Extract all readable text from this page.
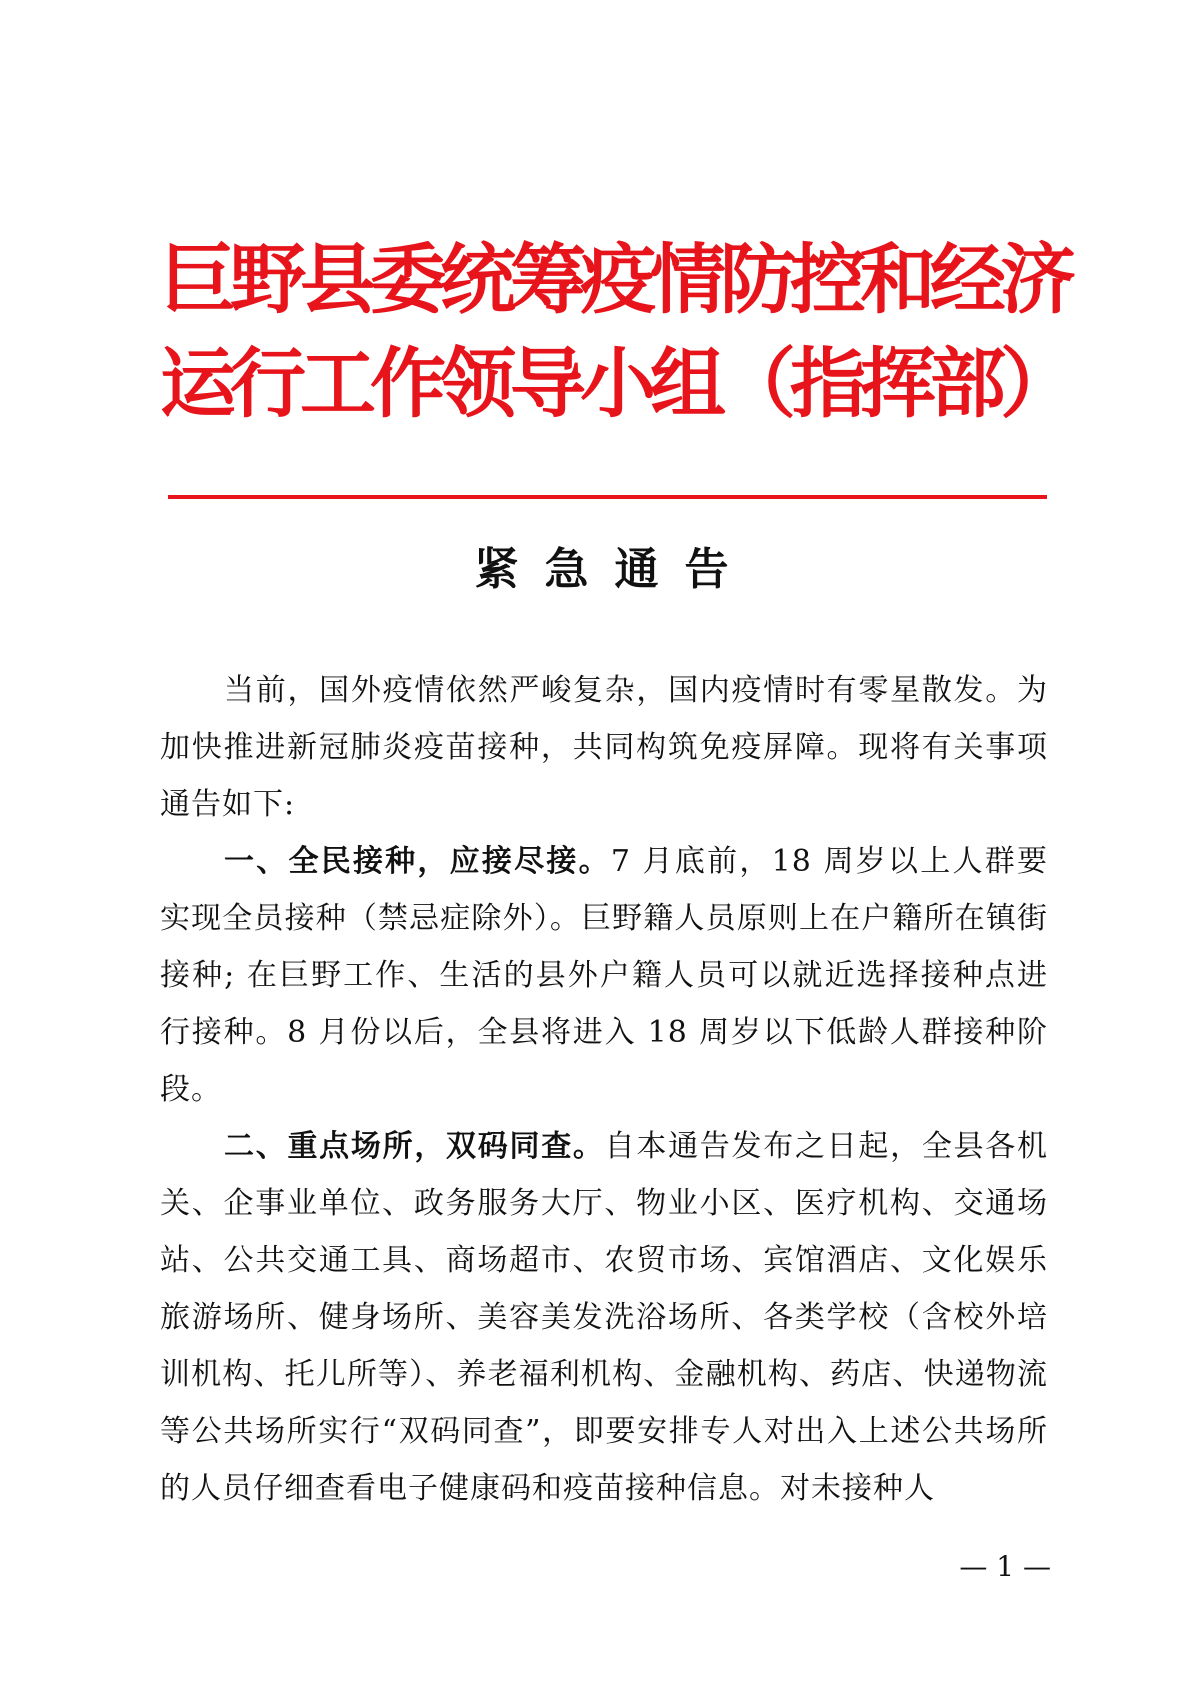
巨野县委统筹疫情防控和经济
运行工作领导小组（指挥部）
紧急通告

当前，国外疫情依然严峻复杂，国内疫情时有零星散发。为加快推进新冠肺炎疫苗接种，共同构筑免疫屏障。现将有关事项通告如下:

一、全民接种，应接尽接。7 月底前，18 周岁以上人群要实现全员接种（禁忌症除外）。巨野籍人员原则上在户籍所在镇街接种; 在巨野工作、生活的县外户籍人员可以就近选择接种点进行接种。8 月份以后，全县将进入 18 周岁以下低龄人群接种阶段。

二、重点场所，双码同查。自本通告发布之日起，全县各机关、企事业单位、政务服务大厅、物业小区、医疗机构、交通场站、公共交通工具、商场超市、农贸市场、宾馆酒店、文化娱乐旅游场所、健身场所、美容美发洗浴场所、各类学校（含校外培训机构、托儿所等）、养老福利机构、金融机构、药店、快递物流等公共场所实行“双码同查”，即要安排专人对出入上述公共场所的人员仔细查看电子健康码和疫苗接种信息。对未接种人

— 1 —
